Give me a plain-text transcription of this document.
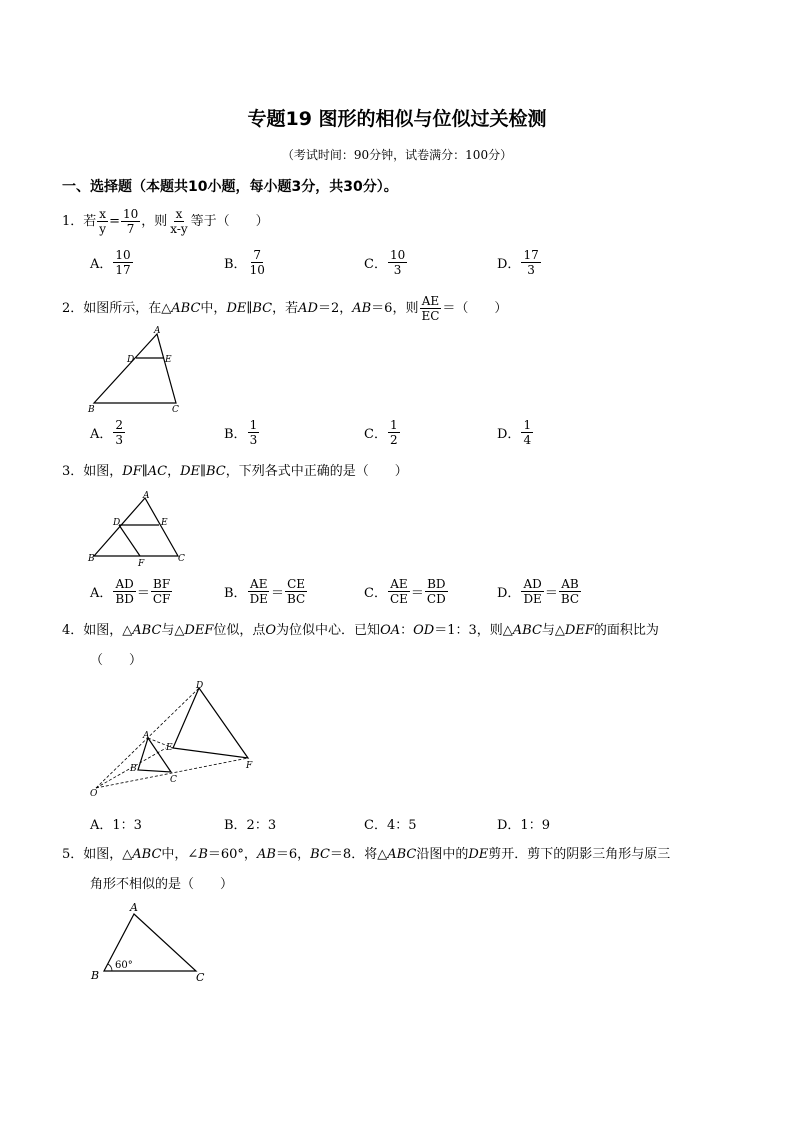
专题19 图形的相似与位似过关检测
（考试时间：90分钟，试卷满分：100分）
一、选择题（本题共10小题，每小题3分，共30分）。
1．若 $\frac{x}{y} = \frac{10}{7}$ ，则 $\frac{x}{x-y}$ 等于（　　）
A． $\frac{10}{17}$	B． $\frac{7}{10}$	C． $\frac{10}{3}$	D． $\frac{17}{3}$
2．如图所示，在△ABC中，DE∥BC，若AD＝2，AB＝6，则 $\frac{AE}{EC}$ ＝（　　）
A
B	C
D	E
A． $\frac{2}{3}$	B． $\frac{1}{3}$	C． $\frac{1}{2}$	D． $\frac{1}{4}$
3．如图，DF∥AC，DE∥BC，下列各式中正确的是（　　）
A
B	C
D	E
F
A． $\frac{AD}{BD} = \frac{BF}{CF}$	B． $\frac{AE}{DE} = \frac{CE}{BC}$	C． $\frac{AE}{CE} = \frac{BD}{CD}$	D． $\frac{AD}{DE} = \frac{AB}{BC}$
4．如图，△ABC与△DEF位似，点O为位似中心．已知OA：OD＝1：3，则△ABC与△DEF的面积比为
（　　）
D
E
F
A
B
C
O
A．1：3	B．2：3	C．4：5	D．1：9
5．如图，△ABC中，∠B＝60°，AB＝6，BC＝8．将△ABC沿图中的DE剪开．剪下的阴影三角形与原三
角形不相似的是（　　）
A
B	C
60°
